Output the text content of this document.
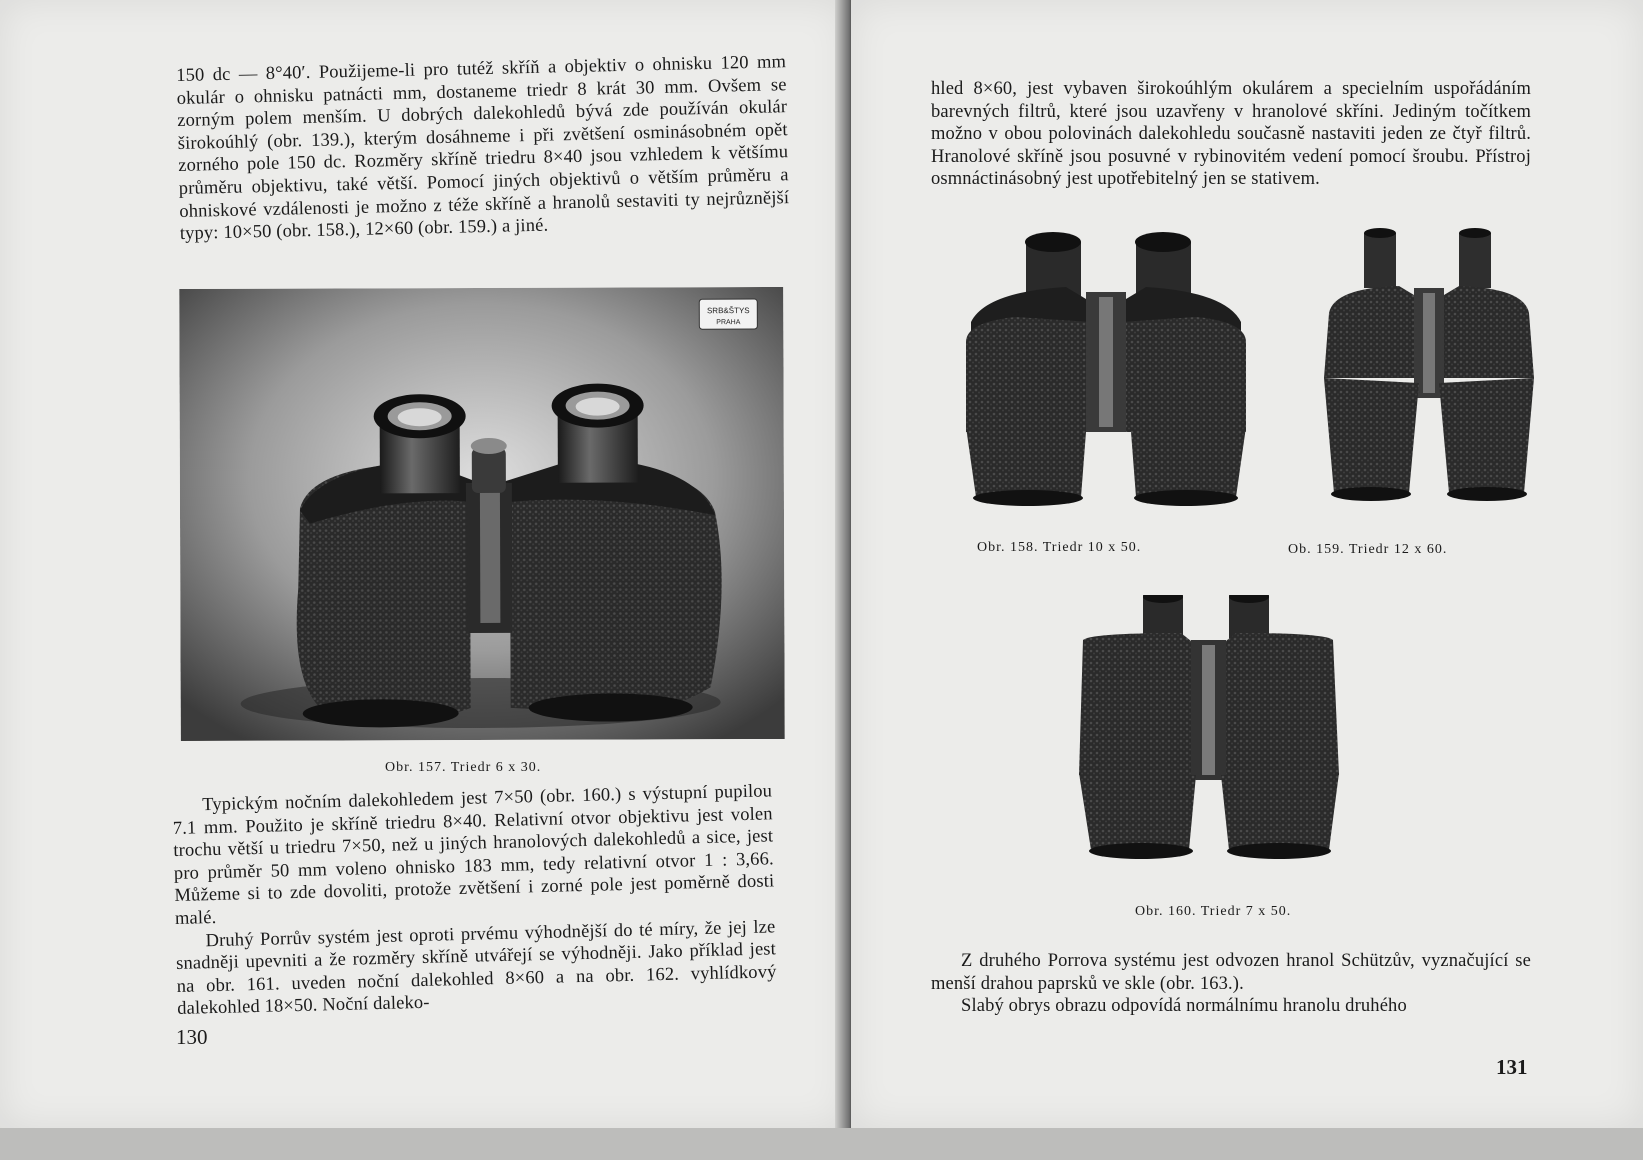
150 dc — 8°40′. Použijeme-li pro tutéž skříň a objektiv o ohnisku 120 mm okulár o ohnisku patnácti mm, dostaneme triedr 8 krát 30 mm. Ovšem se zorným polem menším. U dobrých dalekohledů bývá zde používán okulár širokoúhlý (obr. 139.), kterým dosáhneme i při zvětšení osminásobném opět zorného pole 150 dc. Rozměry skříně triedru 8×40 jsou vzhledem k většímu průměru objektivu, také větší. Pomocí jiných objektivů o větším průměru a ohniskové vzdálenosti je možno z téže skříně a hranolů sestaviti ty nejrůznější typy: 10×50 (obr. 158.), 12×60 (obr. 159.) a jiné.

SRB&ŠTYS
PRAHA
Obr. 157. Triedr 6 x 30.

Typickým nočním dalekohledem jest 7×50 (obr. 160.) s výstupní pupilou 7.1 mm. Použito je skříně triedru 8×40. Relativní otvor objektivu jest volen trochu větší u triedru 7×50, než u jiných hranolových dalekohledů a sice, jest pro průměr 50 mm voleno ohnisko 183 mm, tedy relativní otvor 1 : 3,66. Můžeme si to zde dovoliti, protože zvětšení i zorné pole jest poměrně dosti malé.

Druhý Porrův systém jest oproti prvému výhodnější do té míry, že jej lze snadněji upevniti a že rozměry skříně utvářejí se výhodněji. Jako příklad jest na obr. 161. uveden noční dalekohled 8×60 a na obr. 162. vyhlídkový dalekohled 18×50. Noční daleko-

130

hled 8×60, jest vybaven širokoúhlým okulárem a specielním uspořádáním barevných filtrů, které jsou uzavřeny v hranolové skříni. Jediným točítkem možno v obou polovinách dalekohledu současně nastaviti jeden ze čtyř filtrů. Hranolové skříně jsou posuvné v rybinovitém vedení pomocí šroubu. Přístroj osmnáctinásobný jest upotřebitelný jen se stativem.

Obr. 158. Triedr 10 x 50.	Ob. 159. Triedr 12 x 60.
Obr. 160. Triedr 7 x 50.

Z druhého Porrova systému jest odvozen hranol Schützův, vyznačující se menší drahou paprsků ve skle (obr. 163.).

Slabý obrys obrazu odpovídá normálnímu hranolu druhého

131
